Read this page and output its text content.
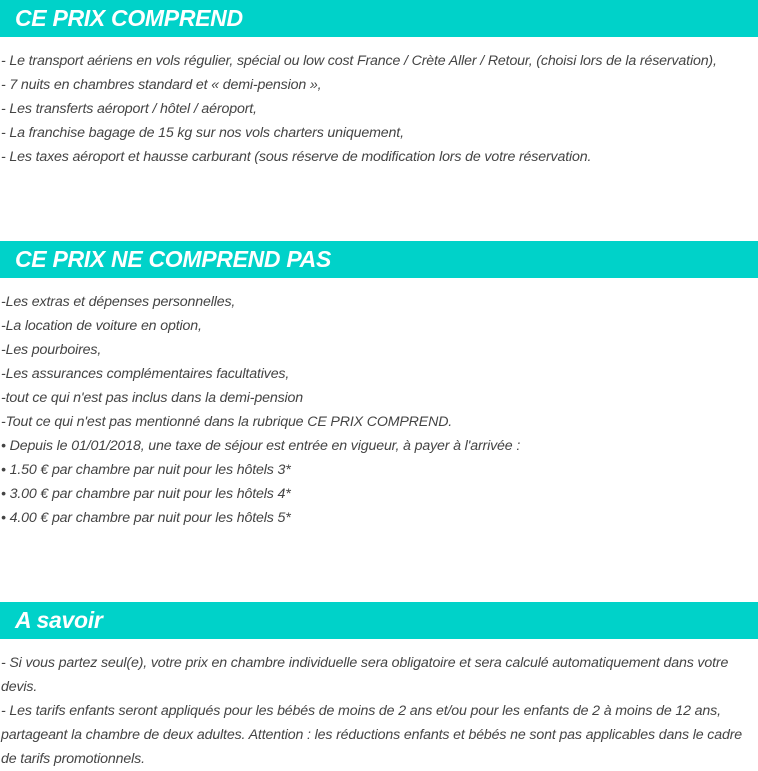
CE PRIX COMPREND
- Le transport aériens en vols régulier, spécial ou low cost France / Crète Aller / Retour, (choisi lors de la réservation),
- 7 nuits en chambres standard et « demi-pension »,
- Les transferts aéroport / hôtel / aéroport,
- La franchise bagage de 15 kg sur nos vols charters uniquement,
- Les taxes aéroport et hausse carburant (sous réserve de modification lors de votre réservation.
CE PRIX NE COMPREND PAS
-Les extras et dépenses personnelles,
-La location de voiture en option,
-Les pourboires,
-Les assurances complémentaires facultatives,
-tout ce qui n'est pas inclus dans la demi-pension
-Tout ce qui n'est pas mentionné dans la rubrique CE PRIX COMPREND.
• Depuis le 01/01/2018, une taxe de séjour est entrée en vigueur, à payer à l'arrivée :
• 1.50 € par chambre par nuit pour les hôtels 3*
• 3.00 € par chambre par nuit pour les hôtels 4*
• 4.00 € par chambre par nuit pour les hôtels 5*
A savoir
- Si vous partez seul(e), votre prix en chambre individuelle sera obligatoire et sera calculé automatiquement dans votre devis.
- Les tarifs enfants seront appliqués pour les bébés de moins de 2 ans et/ou pour les enfants de 2 à moins de 12 ans, partageant la chambre de deux adultes. Attention : les réductions enfants et bébés ne sont pas applicables dans le cadre de tarifs promotionnels.
